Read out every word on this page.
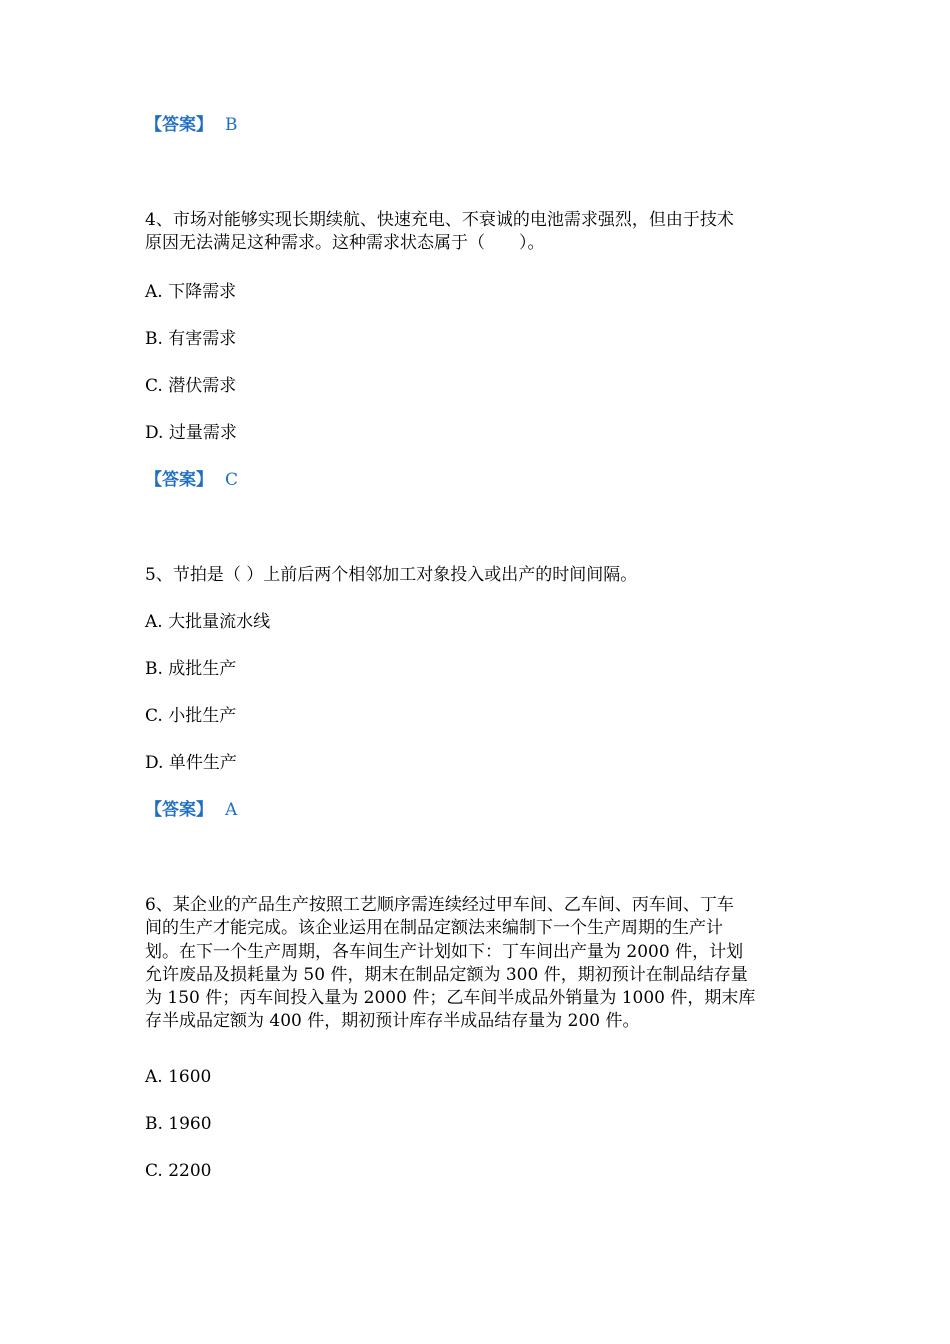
【答案】 B
4、市场对能够实现长期续航、快速充电、不衰诚的电池需求强烈，但由于技术
原因无法满足这种需求。这种需求状态属于（　　）。
A. 下降需求
B. 有害需求
C. 潜伏需求
D. 过量需求
【答案】 C
5、节拍是（ ）上前后两个相邻加工对象投入或出产的时间间隔。
A. 大批量流水线
B. 成批生产
C. 小批生产
D. 单件生产
【答案】 A
6、某企业的产品生产按照工艺顺序需连续经过甲车间、乙车间、丙车间、丁车
间的生产才能完成。该企业运用在制品定额法来编制下一个生产周期的生产计
划。在下一个生产周期，各车间生产计划如下：丁车间出产量为 2000 件，计划
允许废品及损耗量为 50 件，期末在制品定额为 300 件，期初预计在制品结存量
为 150 件；丙车间投入量为 2000 件；乙车间半成品外销量为 1000 件，期末库
存半成品定额为 400 件，期初预计库存半成品结存量为 200 件。
A. 1600
B. 1960
C. 2200
